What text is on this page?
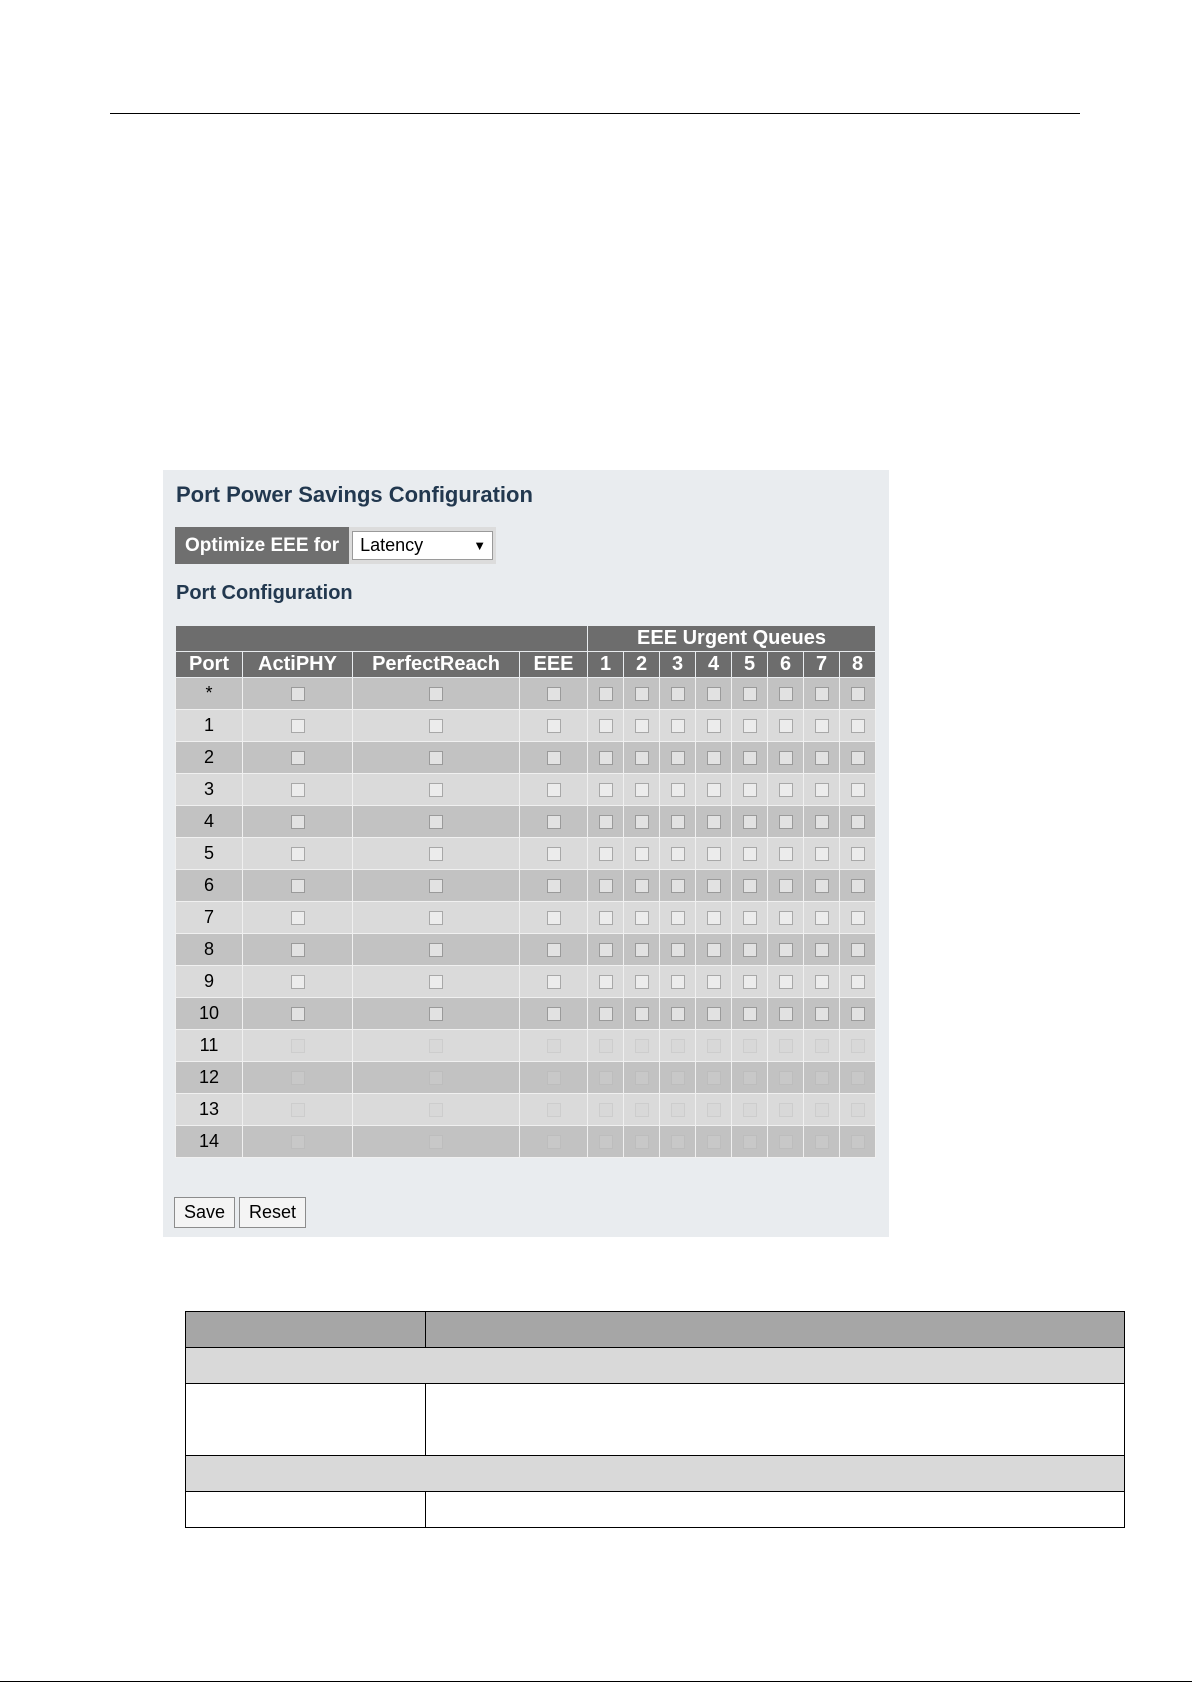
Port Power Savings Configuration
Optimize EEE for	Latency	▼
Port Configuration
				EEE Urgent Queues							
Port	ActiPHY	PerfectReach	EEE	1	2	3	4	5	6	7	8
*											
1											
2											
3											
4											
5											
6											
7											
8											
9											
10											
11											
12											
13											
14											
Save	Reset
